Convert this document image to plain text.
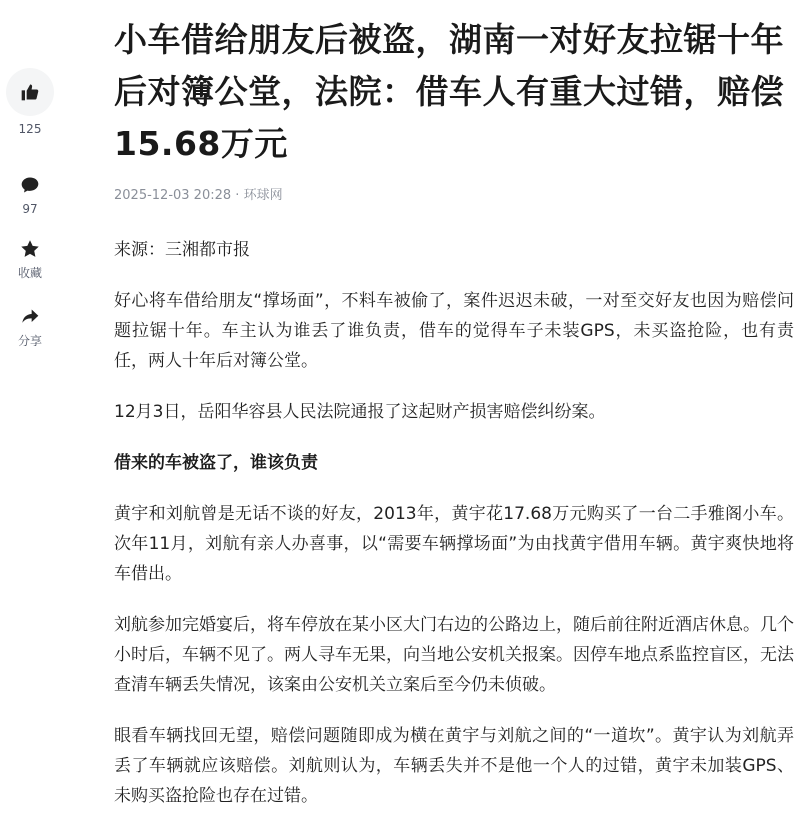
125
97
收藏
分享
小车借给朋友后被盗，湖南一对好友拉锯十年后对簿公堂，法院：借车人有重大过错，赔偿15.68万元
2025-12-03 20:28 · 环球网

来源：三湘都市报

好心将车借给朋友“撑场面”，不料车被偷了，案件迟迟未破，一对至交好友也因为赔偿问题拉锯十年。车主认为谁丢了谁负责，借车的觉得车子未装GPS，未买盗抢险，也有责任，两人十年后对簿公堂。

12月3日，岳阳华容县人民法院通报了这起财产损害赔偿纠纷案。

借来的车被盗了，谁该负责

黄宇和刘航曾是无话不谈的好友，2013年，黄宇花17.68万元购买了一台二手雅阁小车。次年11月，刘航有亲人办喜事，以“需要车辆撑场面”为由找黄宇借用车辆。黄宇爽快地将车借出。

刘航参加完婚宴后，将车停放在某小区大门右边的公路边上，随后前往附近酒店休息。几个小时后，车辆不见了。两人寻车无果，向当地公安机关报案。因停车地点系监控盲区，无法查清车辆丢失情况，该案由公安机关立案后至今仍未侦破。

眼看车辆找回无望，赔偿问题随即成为横在黄宇与刘航之间的“一道坎”。黄宇认为刘航弄丢了车辆就应该赔偿。刘航则认为，车辆丢失并不是他一个人的过错，黄宇未加装GPS、未购买盗抢险也存在过错。
